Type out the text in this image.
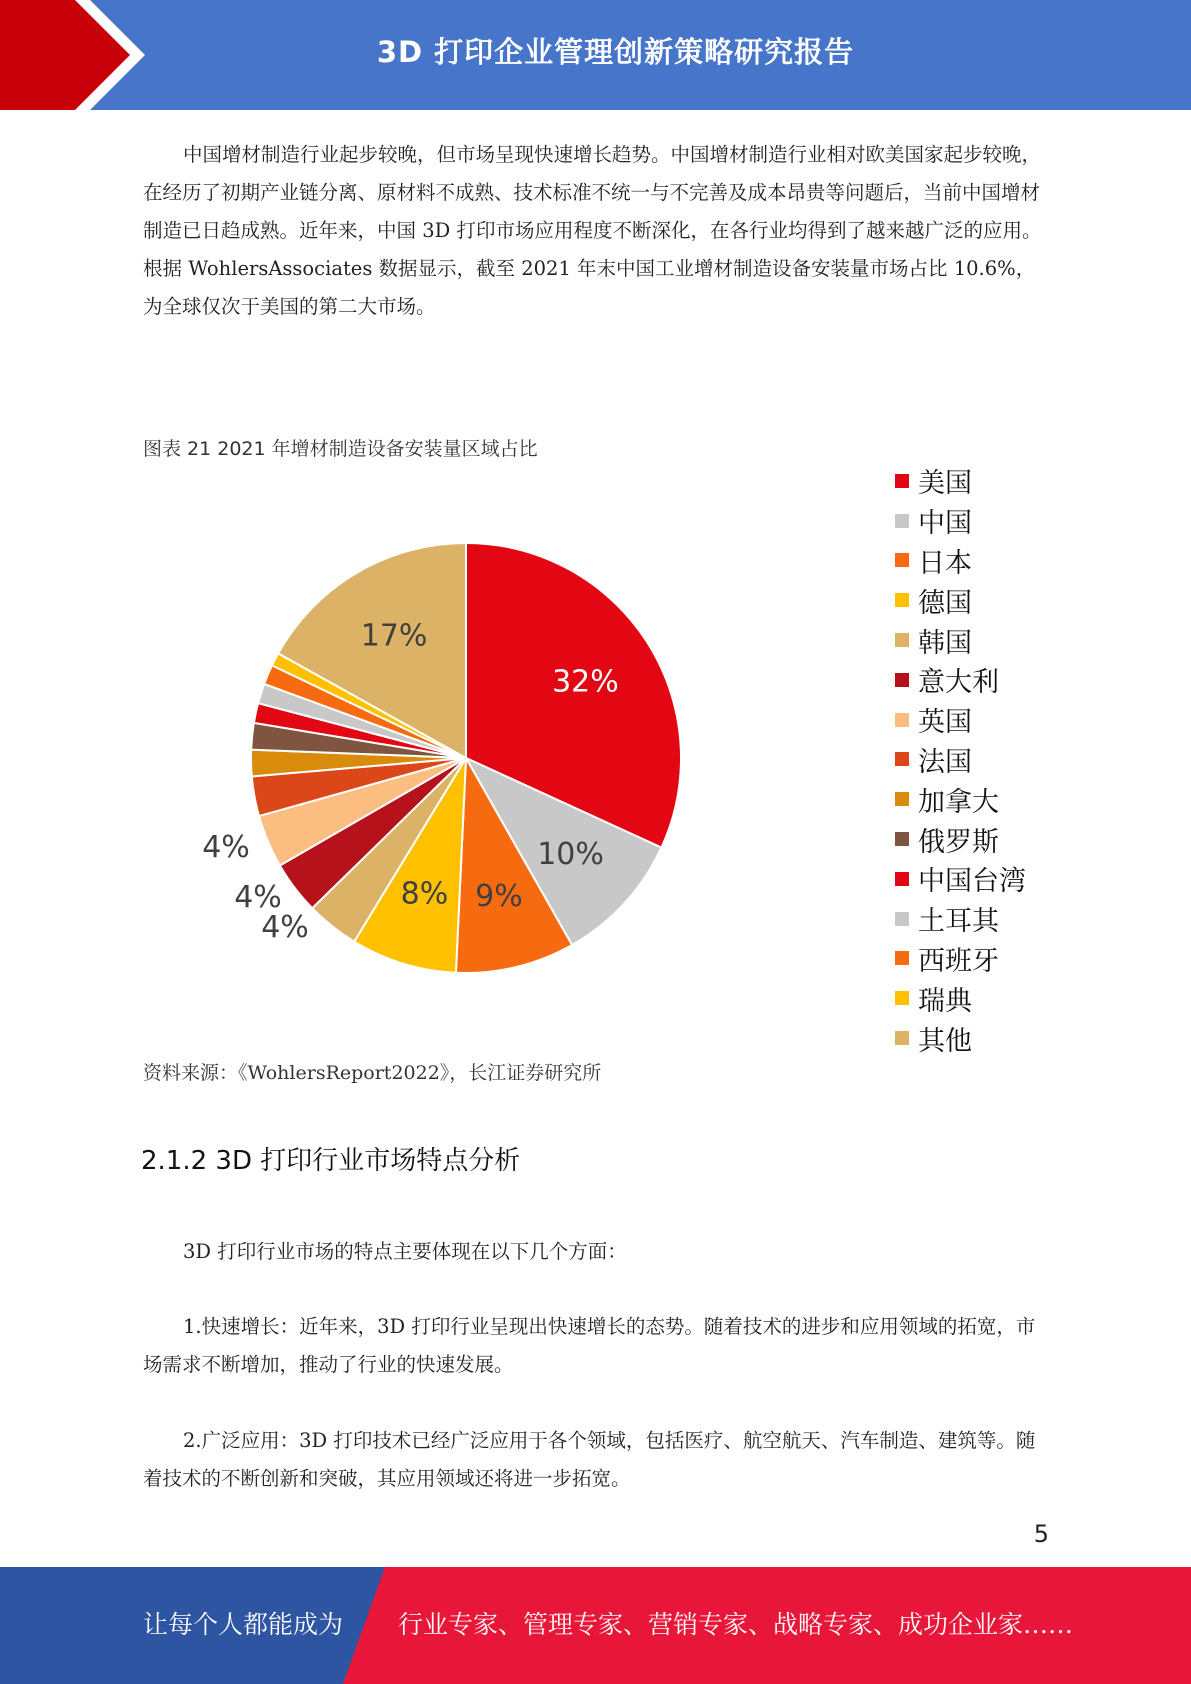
3D 打印企业管理创新策略研究报告

中国增材制造行业起步较晚，但市场呈现快速增长趋势。中国增材制造行业相对欧美国家起步较晚，在经历了初期产业链分离、原材料不成熟、技术标准不统一与不完善及成本昂贵等问题后，当前中国增材制造已日趋成熟。近年来，中国 3D 打印市场应用程度不断深化，在各行业均得到了越来越广泛的应用。根据 WohlersAssociates 数据显示，截至 2021 年末中国工业增材制造设备安装量市场占比 10.6%，为全球仅次于美国的第二大市场。

图表 21 2021 年增材制造设备安装量区域占比

32%
10%
9%
8%
4%
4%
4%
17%
美国
中国
日本
德国
韩国
意大利
英国
法国
加拿大
俄罗斯
中国台湾
土耳其
西班牙
瑞典
其他

资料来源：《WohlersReport2022》，长江证券研究所

2.1.2 3D 打印行业市场特点分析

3D 打印行业市场的特点主要体现在以下几个方面：

1.快速增长：近年来，3D 打印行业呈现出快速增长的态势。随着技术的进步和应用领域的拓宽，市场需求不断增加，推动了行业的快速发展。

2.广泛应用：3D 打印技术已经广泛应用于各个领域，包括医疗、航空航天、汽车制造、建筑等。随着技术的不断创新和突破，其应用领域还将进一步拓宽。

5
让每个人都能成为 行业专家、管理专家、营销专家、战略专家、成功企业家……
